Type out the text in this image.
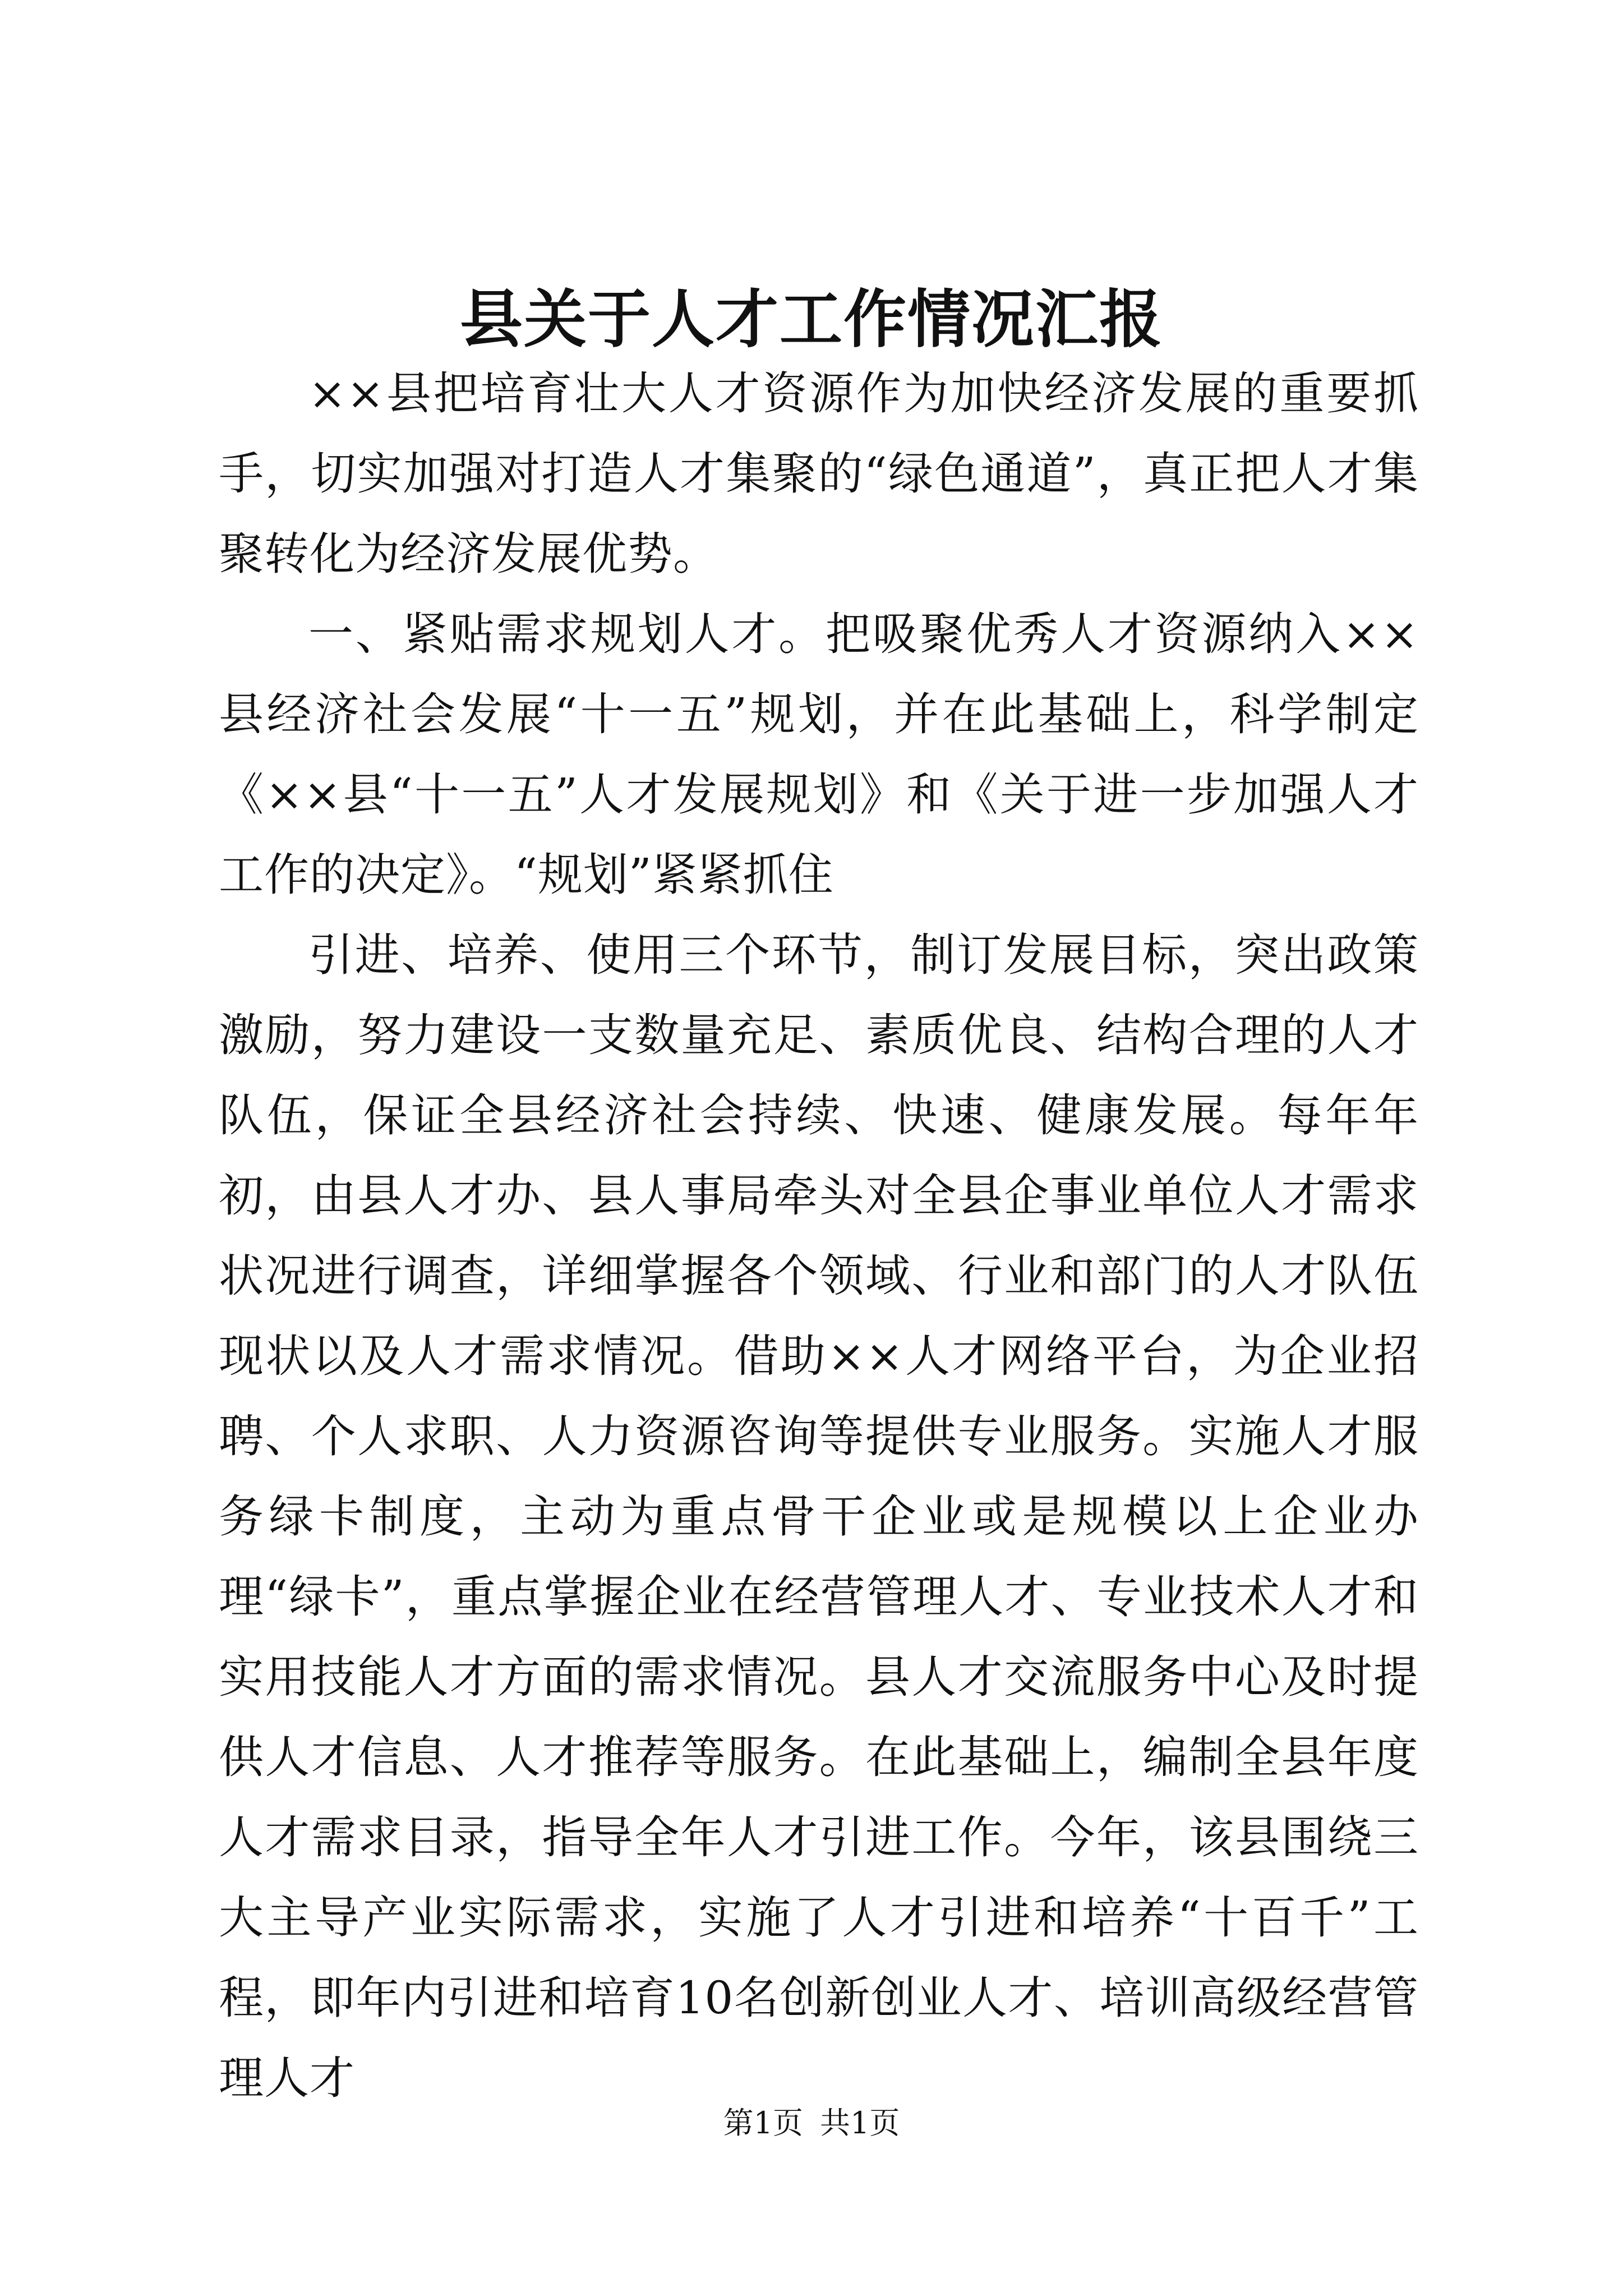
县关于人才工作情况汇报

××县把培育壮大人才资源作为加快经济发展的重要抓手，切实加强对打造人才集聚的“绿色通道”，真正把人才集聚转化为经济发展优势。

一、紧贴需求规划人才。把吸聚优秀人才资源纳入××县经济社会发展“十一五”规划，并在此基础上，科学制定《××县“十一五”人才发展规划》和《关于进一步加强人才工作的决定》。“规划”紧紧抓住

引进、培养、使用三个环节，制订发展目标，突出政策激励，努力建设一支数量充足、素质优良、结构合理的人才队伍，保证全县经济社会持续、快速、健康发展。每年年初，由县人才办、县人事局牵头对全县企事业单位人才需求状况进行调查，详细掌握各个领域、行业和部门的人才队伍现状以及人才需求情况。借助××人才网络平台，为企业招聘、个人求职、人力资源咨询等提供专业服务。实施人才服务绿卡制度，主动为重点骨干企业或是规模以上企业办理“绿卡”，重点掌握企业在经营管理人才、专业技术人才和实用技能人才方面的需求情况。县人才交流服务中心及时提供人才信息、人才推荐等服务。在此基础上，编制全县年度人才需求目录，指导全年人才引进工作。今年，该县围绕三大主导产业实际需求，实施了人才引进和培养“十百千”工程，即年内引进和培育10名创新创业人才、培训高级经营管理人才

第1页 共1页
